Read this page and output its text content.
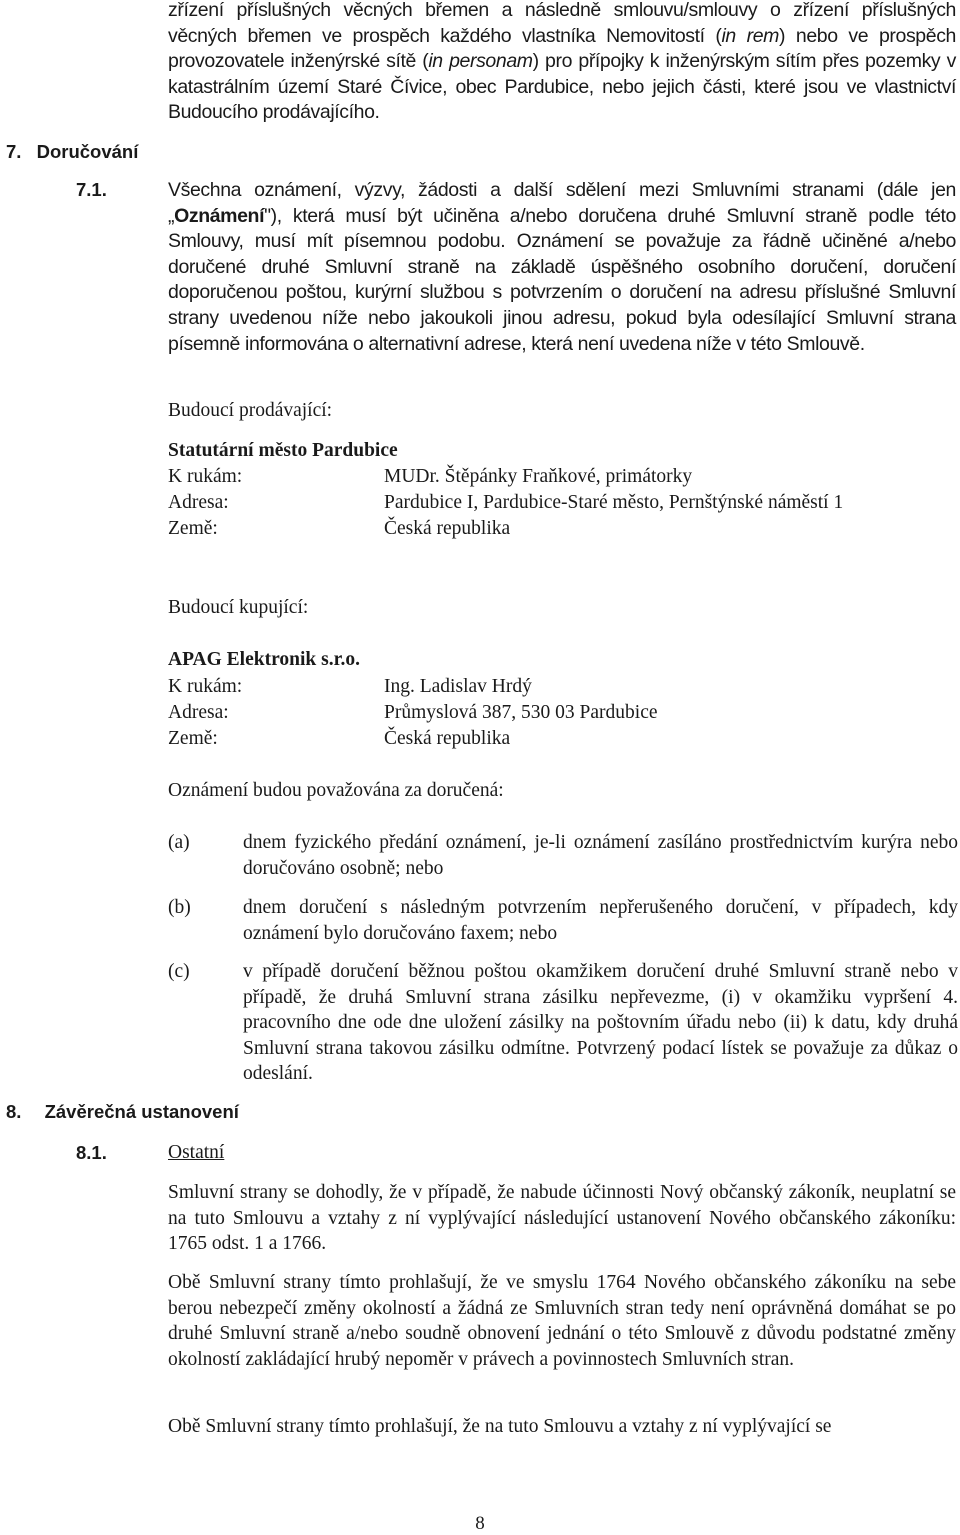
zřízení příslušných věcných břemen a následně smlouvu/smlouvy o zřízení příslušných věcných břemen ve prospěch každého vlastníka Nemovitostí (in rem) nebo ve prospěch provozovatele inženýrské sítě (in personam) pro přípojky k inženýrským sítím přes pozemky v katastrálním území Staré Čívice, obec Pardubice, nebo jejich části, které jsou ve vlastnictví Budoucího prodávajícího.
7. Doručování
7.1.	Všechna oznámení, výzvy, žádosti a další sdělení mezi Smluvními stranami (dále jen „Oznámení"), která musí být učiněna a/nebo doručena druhé Smluvní straně podle této Smlouvy, musí mít písemnou podobu. Oznámení se považuje za řádně učiněné a/nebo doručené druhé Smluvní straně na základě úspěšného osobního doručení, doručení doporučenou poštou, kurýrní službou s potvrzením o doručení na adresu příslušné Smluvní strany uvedenou níže nebo jakoukoli jinou adresu, pokud byla odesílající Smluvní strana písemně informována o alternativní adrese, která není uvedena níže v této Smlouvě.
Budoucí prodávající:
Statutární město Pardubice
K rukám:	MUDr. Štěpánky Fraňkové, primátorky
Adresa:	Pardubice I, Pardubice-Staré město, Pernštýnské náměstí 1
Země:	Česká republika
Budoucí kupující:
APAG Elektronik s.r.o.
K rukám:	Ing. Ladislav Hrdý
Adresa:	Průmyslová 387, 530 03 Pardubice
Země:	Česká republika
Oznámení budou považována za doručená:
(a)	dnem fyzického předání oznámení, je-li oznámení zasíláno prostřednictvím kurýra nebo doručováno osobně; nebo
(b)	dnem doručení s následným potvrzením nepřerušeného doručení, v případech, kdy oznámení bylo doručováno faxem; nebo
(c)	v případě doručení běžnou poštou okamžikem doručení druhé Smluvní straně nebo v případě, že druhá Smluvní strana zásilku nepřevezme, (i) v okamžiku vypršení 4. pracovního dne ode dne uložení zásilky na poštovním úřadu nebo (ii) k datu, kdy druhá Smluvní strana takovou zásilku odmítne. Potvrzený podací lístek se považuje za důkaz o odeslání.
8. Závěrečná ustanovení
8.1.	Ostatní
Smluvní strany se dohodly, že v případě, že nabude účinnosti Nový občanský zákoník, neuplatní se na tuto Smlouvu a vztahy z ní vyplývající následující ustanovení Nového občanského zákoníku: 1765 odst. 1 a 1766.
Obě Smluvní strany tímto prohlašují, že ve smyslu 1764 Nového občanského zákoníku na sebe berou nebezpečí změny okolností a žádná ze Smluvních stran tedy není oprávněná domáhat se po druhé Smluvní straně a/nebo soudně obnovení jednání o této Smlouvě z důvodu podstatné změny okolností zakládající hrubý nepoměr v právech a povinnostech Smluvních stran.
Obě Smluvní strany tímto prohlašují, že na tuto Smlouvu a vztahy z ní vyplývající se
8
